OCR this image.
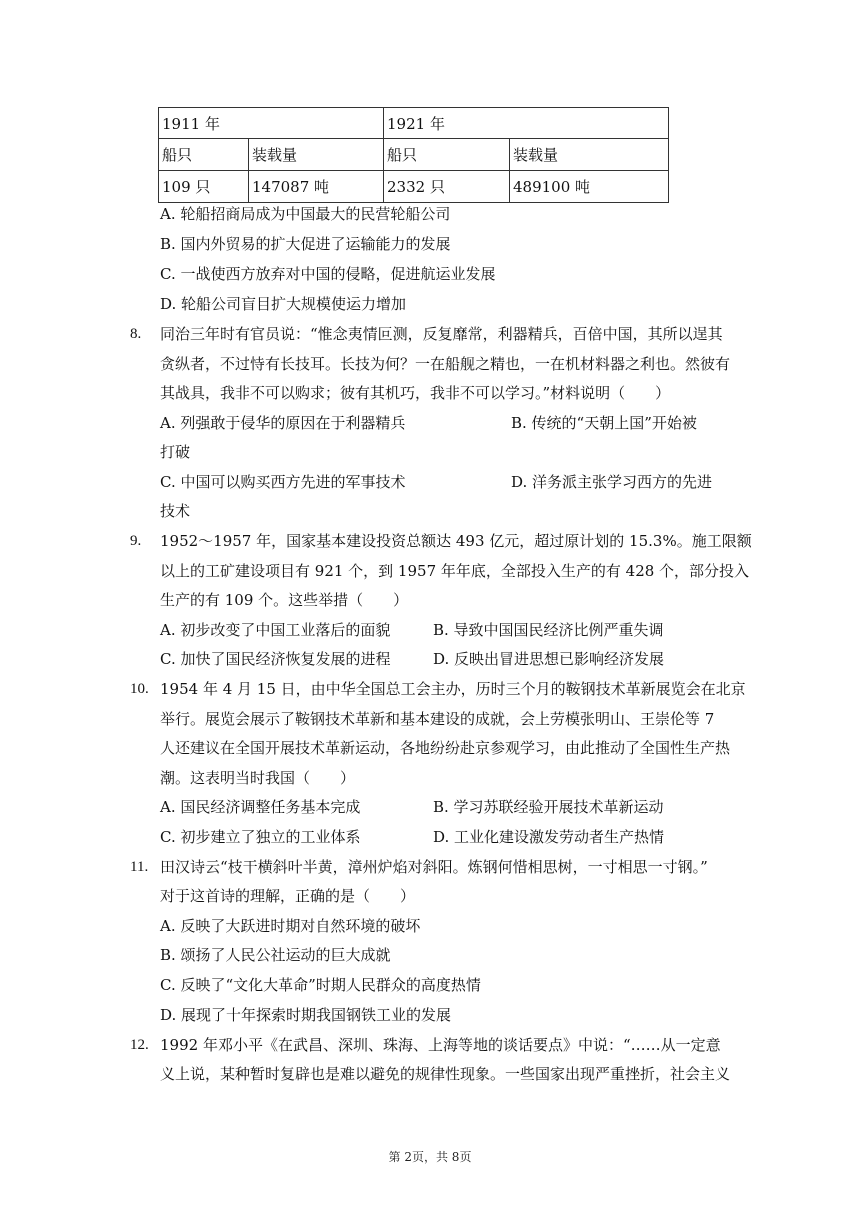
1911 年		1921 年	
船只	装载量	船只	装载量
109 只	147087 吨	2332 只	489100 吨
A. 轮船招商局成为中国最大的民营轮船公司
B. 国内外贸易的扩大促进了运输能力的发展
C. 一战使西方放弃对中国的侵略，促进航运业发展
D. 轮船公司盲目扩大规模使运力增加
8. 同治三年时有官员说：“惟念夷情叵测，反复靡常，利器精兵，百倍中国，其所以逞其
贪纵者，不过恃有长技耳。长技为何？一在船舰之精也，一在机材料器之利也。然彼有
其战具，我非不可以购求；彼有其机巧，我非不可以学习。”材料说明（　　）
A. 列强敢于侵华的原因在于利器精兵	B. 传统的“天朝上国”开始被
打破
C. 中国可以购买西方先进的军事技术	D. 洋务派主张学习西方的先进
技术
9. 1952～1957 年，国家基本建设投资总额达 493 亿元，超过原计划的 15.3%。施工限额
以上的工矿建设项目有 921 个，到 1957 年年底，全部投入生产的有 428 个，部分投入
生产的有 109 个。这些举措（　　）
A. 初步改变了中国工业落后的面貌	B. 导致中国国民经济比例严重失调
C. 加快了国民经济恢复发展的进程	D. 反映出冒进思想已影响经济发展
10. 1954 年 4 月 15 日，由中华全国总工会主办，历时三个月的鞍钢技术革新展览会在北京
举行。展览会展示了鞍钢技术革新和基本建设的成就，会上劳模张明山、王崇伦等 7
人还建议在全国开展技术革新运动，各地纷纷赴京参观学习，由此推动了全国性生产热
潮。这表明当时我国（　　）
A. 国民经济调整任务基本完成	B. 学习苏联经验开展技术革新运动
C. 初步建立了独立的工业体系	D. 工业化建设激发劳动者生产热情
11. 田汉诗云“枝干横斜叶半黄，漳州炉焰对斜阳。炼钢何惜相思树，一寸相思一寸钢。”
对于这首诗的理解，正确的是（　　）
A. 反映了大跃进时期对自然环境的破坏
B. 颂扬了人民公社运动的巨大成就
C. 反映了“文化大革命”时期人民群众的高度热情
D. 展现了十年探索时期我国钢铁工业的发展
12. 1992 年邓小平《在武昌、深圳、珠海、上海等地的谈话要点》中说：“……从一定意
义上说，某种暂时复辟也是难以避免的规律性现象。一些国家出现严重挫折，社会主义
第 2页，共 8页
